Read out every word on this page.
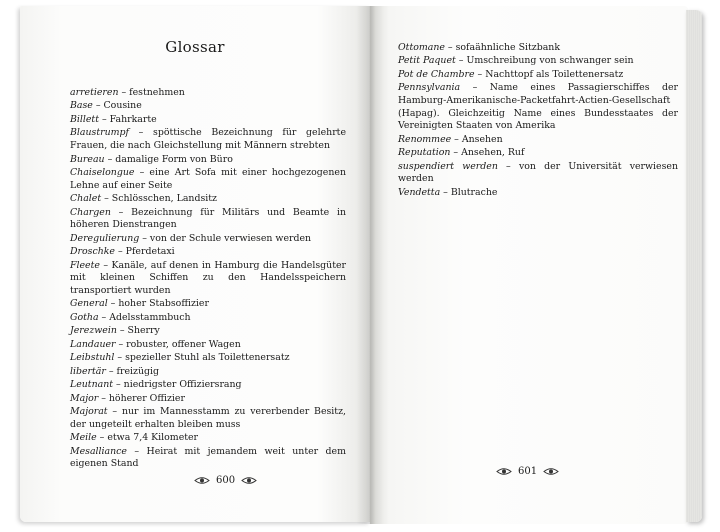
Glossar
arretieren – festnehmen
Base – Cousine
Billett – Fahrkarte
Blaustrumpf – spöttische Bezeichnung für gelehrte Frauen, die nach Gleichstellung mit Männern strebten
Bureau – damalige Form von Büro
Chaiselongue – eine Art Sofa mit einer hochgezogenen Lehne auf einer Seite
Chalet – Schlösschen, Landsitz
Chargen – Bezeichnung für Militärs und Beamte in höheren Dienstrangen
Deregulierung – von der Schule verwiesen werden
Droschke – Pferdetaxi
Fleete – Kanäle, auf denen in Hamburg die Handelsgüter mit kleinen Schiffen zu den Handelsspeichern transportiert wurden
General – hoher Stabsoffizier
Gotha – Adelsstammbuch
Jerezwein – Sherry
Landauer – robuster, offener Wagen
Leibstuhl – spezieller Stuhl als Toilettenersatz
libertär – freizügig
Leutnant – niedrigster Offiziersrang
Major – höherer Offizier
Majorat – nur im Mannesstamm zu vererbender Besitz, der ungeteilt erhalten bleiben muss
Meile – etwa 7,4 Kilometer
Mesalliance – Heirat mit jemandem weit unter dem eigenen Stand
600
Ottomane – sofaähnliche Sitzbank
Petit Paquet – Umschreibung von schwanger sein
Pot de Chambre – Nachttopf als Toilettenersatz
Pennsylvania – Name eines Passagierschiffes der Hamburg-Amerikanische-Packetfahrt-Actien-Gesellschaft (Hapag). Gleichzeitig Name eines Bundesstaates der Vereinigten Staaten von Amerika
Renommee – Ansehen
Reputation – Ansehen, Ruf
suspendiert werden – von der Universität verwiesen werden
Vendetta – Blutrache
601
